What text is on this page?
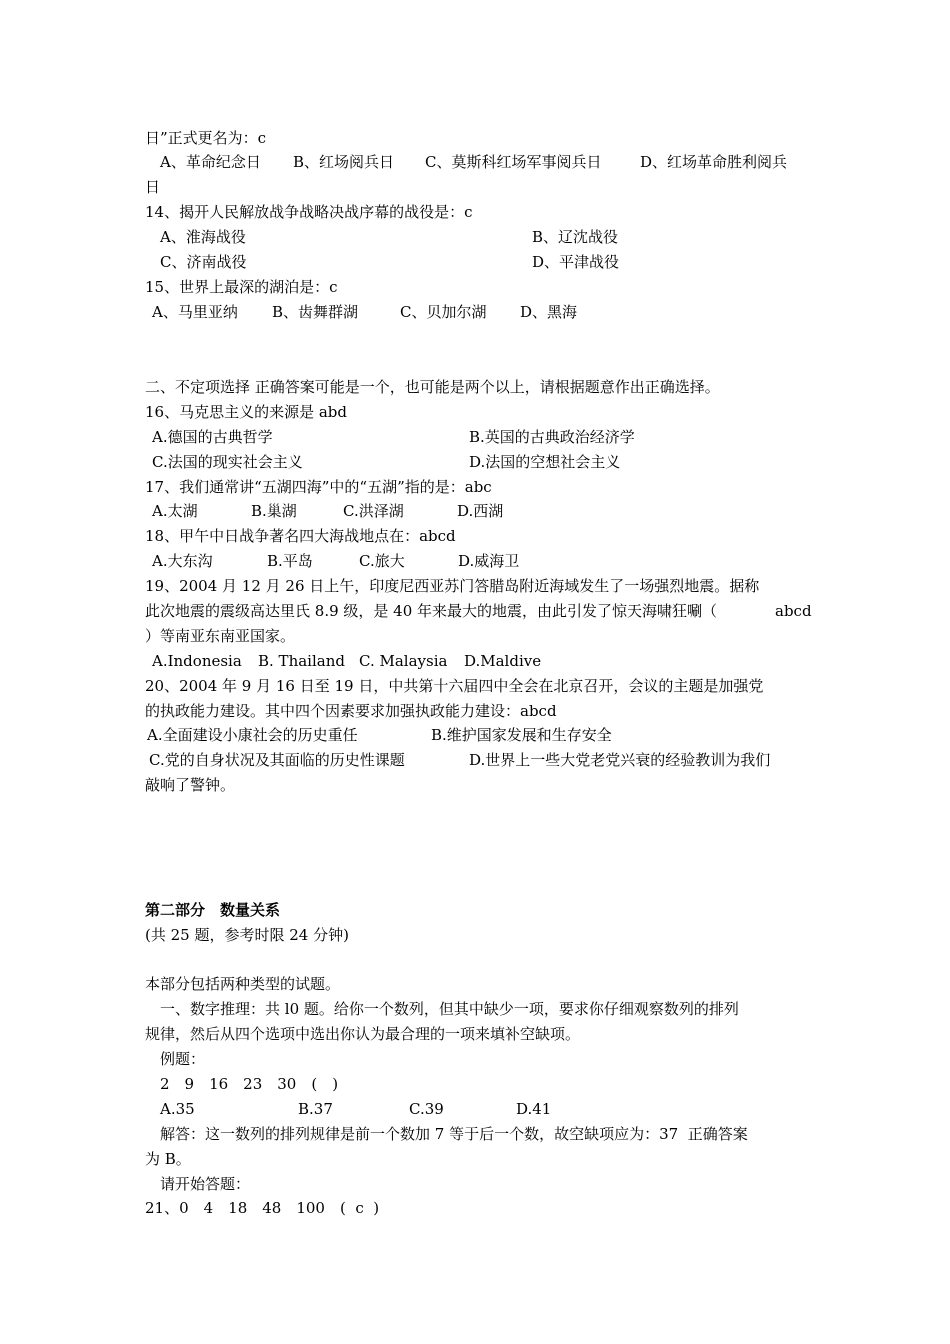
日”正式更名为：c
A、革命纪念日 B、红场阅兵日 C、莫斯科红场军事阅兵日	D、红场革命胜利阅兵
日
14、揭开人民解放战争战略决战序幕的战役是：c
A、淮海战役	B、辽沈战役
C、济南战役	D、平津战役
15、世界上最深的湖泊是：c
A、马里亚纳 B、齿舞群湖	C、贝加尔湖 D、黑海
二、不定项选择 正确答案可能是一个，也可能是两个以上，请根据题意作出正确选择。
16、马克思主义的来源是 abd
A.德国的古典哲学	B.英国的古典政治经济学
C.法国的现实社会主义	D.法国的空想社会主义
17、我们通常讲“五湖四海”中的“五湖”指的是：abc
A.太湖	B.巢湖	C.洪泽湖	D.西湖
18、甲午中日战争著名四大海战地点在：abcd
A.大东沟	B.平岛	C.旅大	D.威海卫
19、2004 月 12 月 26 日上午，印度尼西亚苏门答腊岛附近海域发生了一场强烈地震。据称
此次地震的震级高达里氏 8.9 级，是 40 年来最大的地震，由此引发了惊天海啸狂唰（	abcd
）等南亚东南亚国家。
A.Indonesia B. Thailand C. Malaysia D.Maldive
20、2004 年 9 月 16 日至 19 日，中共第十六届四中全会在北京召开，会议的主题是加强党
的执政能力建设。其中四个因素要求加强执政能力建设：abcd
A.全面建设小康社会的历史重任	B.维护国家发展和生存安全
C.党的自身状况及其面临的历史性课题	D.世界上一些大党老党兴衰的经验教训为我们
敲响了警钟。
第二部分　数量关系
(共 25 题，参考时限 24 分钟)
本部分包括两种类型的试题。
一、数字推理：共 l0 题。给你一个数列，但其中缺少一项，要求你仔细观察数列的排列
规律，然后从四个选项中选出你认为最合理的一项来填补空缺项。
例题：
2　9　16　23　30　(　)
A.35	B.37	C.39	D.41
解答：这一数列的排列规律是前一个数加 7 等于后一个数，故空缺项应为：37  正确答案
为 B。
请开始答题：
21、0　4　18　48　100　(  c  )
